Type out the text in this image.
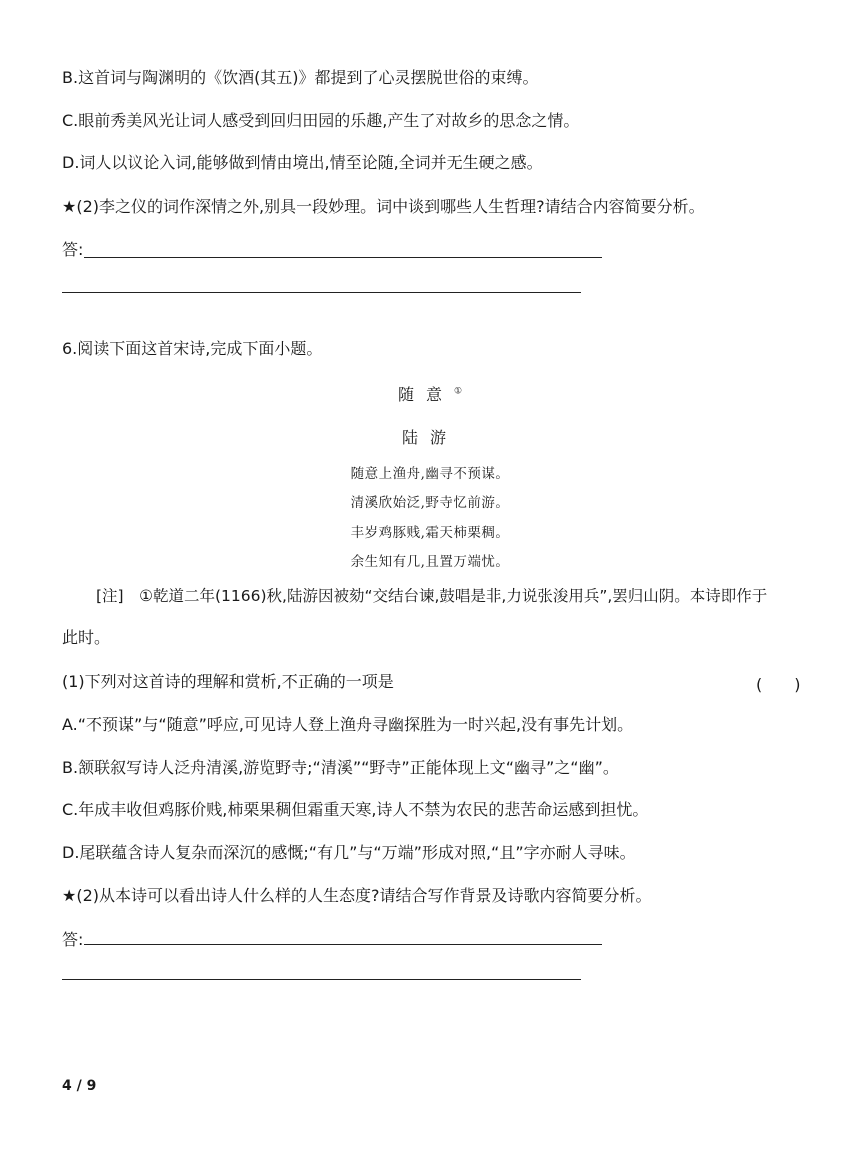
B.这首词与陶渊明的《饮酒(其五)》都提到了心灵摆脱世俗的束缚。
C.眼前秀美风光让词人感受到回归田园的乐趣,产生了对故乡的思念之情。
D.词人以议论入词,能够做到情由境出,情至论随,全词并无生硬之感。
★(2)李之仪的词作深情之外,别具一段妙理。词中谈到哪些人生哲理?请结合内容简要分析。
答:
6.阅读下面这首宋诗,完成下面小题。
随意①
陆游
随意上渔舟,幽寻不预谋。
清溪欣始泛,野寺忆前游。
丰岁鸡豚贱,霜天柿栗稠。
余生知有几,且置万端忧。
[注]　①乾道二年(1166)秋,陆游因被劾“交结台谏,鼓唱是非,力说张浚用兵”,罢归山阴。本诗即作于
此时。
(1)下列对这首诗的理解和赏析,不正确的一项是	(　　)
A.“不预谋”与“随意”呼应,可见诗人登上渔舟寻幽探胜为一时兴起,没有事先计划。
B.颔联叙写诗人泛舟清溪,游览野寺;“清溪”“野寺”正能体现上文“幽寻”之“幽”。
C.年成丰收但鸡豚价贱,柿栗果稠但霜重天寒,诗人不禁为农民的悲苦命运感到担忧。
D.尾联蕴含诗人复杂而深沉的感慨;“有几”与“万端”形成对照,“且”字亦耐人寻味。
★(2)从本诗可以看出诗人什么样的人生态度?请结合写作背景及诗歌内容简要分析。
答:
4 / 9
